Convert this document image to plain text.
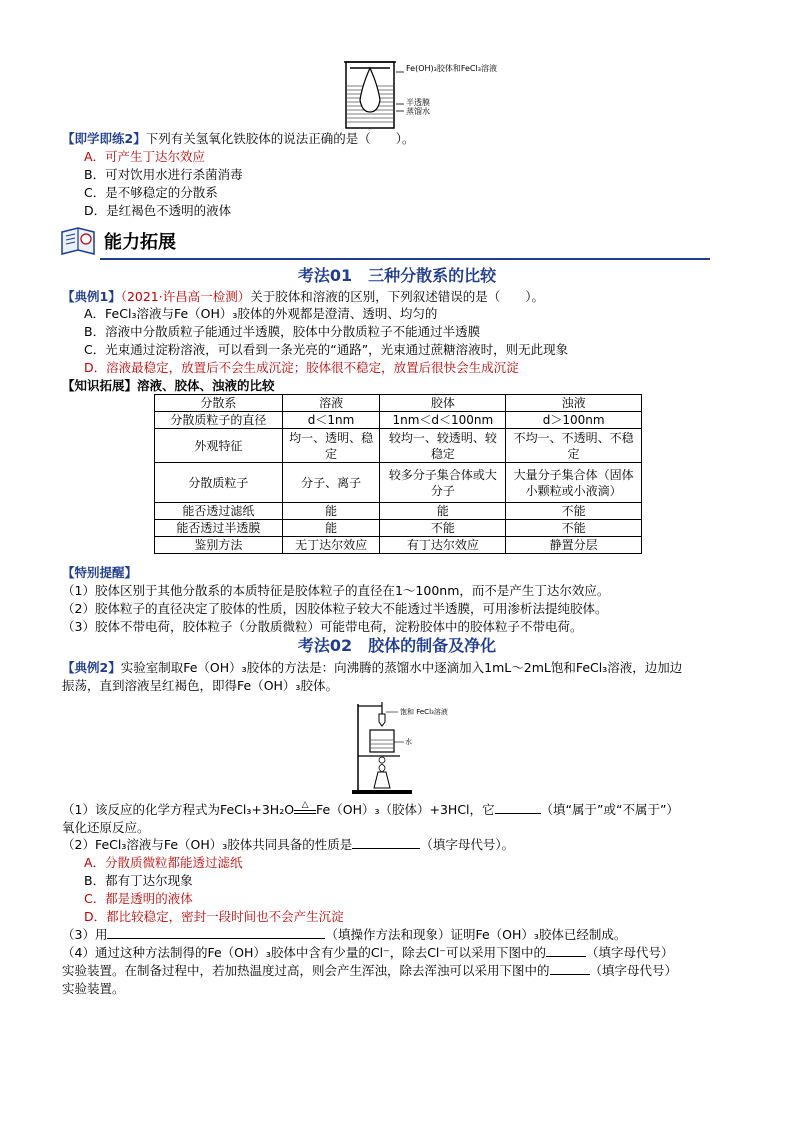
Fe(OH)₃胶体和FeCl₃溶液
半透膜
蒸馏水
【即学即练2】下列有关氢氧化铁胶体的说法正确的是（　　）。
A．可产生丁达尔效应
B．可对饮用水进行杀菌消毒
C．是不够稳定的分散系
D．是红褐色不透明的液体
能力拓展
考法01　三种分散系的比较
【典例1】（2021·许昌高一检测）关于胶体和溶液的区别，下列叙述错误的是（　　）。
A．FeCl₃溶液与Fe（OH）₃胶体的外观都是澄清、透明、均匀的
B．溶液中分散质粒子能通过半透膜，胶体中分散质粒子不能通过半透膜
C．光束通过淀粉溶液，可以看到一条光亮的“通路”，光束通过蔗糖溶液时，则无此现象
D．溶液最稳定，放置后不会生成沉淀；胶体很不稳定，放置后很快会生成沉淀
【知识拓展】溶液、胶体、浊液的比较
分散系	溶液	胶体	浊液
分散质粒子的直径	d＜1nm	1nm＜d＜100nm	d＞100nm
外观特征	均一、透明、稳定	较均一、较透明、较稳定	不均一、不透明、不稳定
分散质粒子	分子、离子	较多分子集合体或大分子	大量分子集合体（固体小颗粒或小液滴）
能否透过滤纸	能	能	不能
能否透过半透膜	能	不能	不能
鉴别方法	无丁达尔效应	有丁达尔效应	静置分层
【特别提醒】
（1）胶体区别于其他分散系的本质特征是胶体粒子的直径在1～100nm，而不是产生丁达尔效应。
（2）胶体粒子的直径决定了胶体的性质，因胶体粒子较大不能透过半透膜，可用渗析法提纯胶体。
（3）胶体不带电荷，胶体粒子（分散质微粒）可能带电荷，淀粉胶体中的胶体粒子不带电荷。
考法02　胶体的制备及净化
【典例2】实验室制取Fe（OH）₃胶体的方法是：向沸腾的蒸馏水中逐滴加入1mL～2mL饱和FeCl₃溶液，边加边
振荡，直到溶液呈红褐色，即得Fe（OH）₃胶体。
饱和 FeCl₃溶液
水
（1）该反应的化学方程式为FeCl₃+3H₂O △ Fe（OH）₃（胶体）+3HCl，它	（填“属于”或“不属于”）
氧化还原反应。
（2）FeCl₃溶液与Fe（OH）₃胶体共同具备的性质是	（填字母代号）。
A．分散质微粒都能透过滤纸
B．都有丁达尔现象
C．都是透明的液体
D．都比较稳定，密封一段时间也不会产生沉淀
（3）用	（填操作方法和现象）证明Fe（OH）₃胶体已经制成。
（4）通过这种方法制得的Fe（OH）₃胶体中含有少量的Cl⁻，除去Cl⁻可以采用下图中的	（填字母代号）
实验装置。在制备过程中，若加热温度过高，则会产生浑浊，除去浑浊可以采用下图中的	（填字母代号）
实验装置。
